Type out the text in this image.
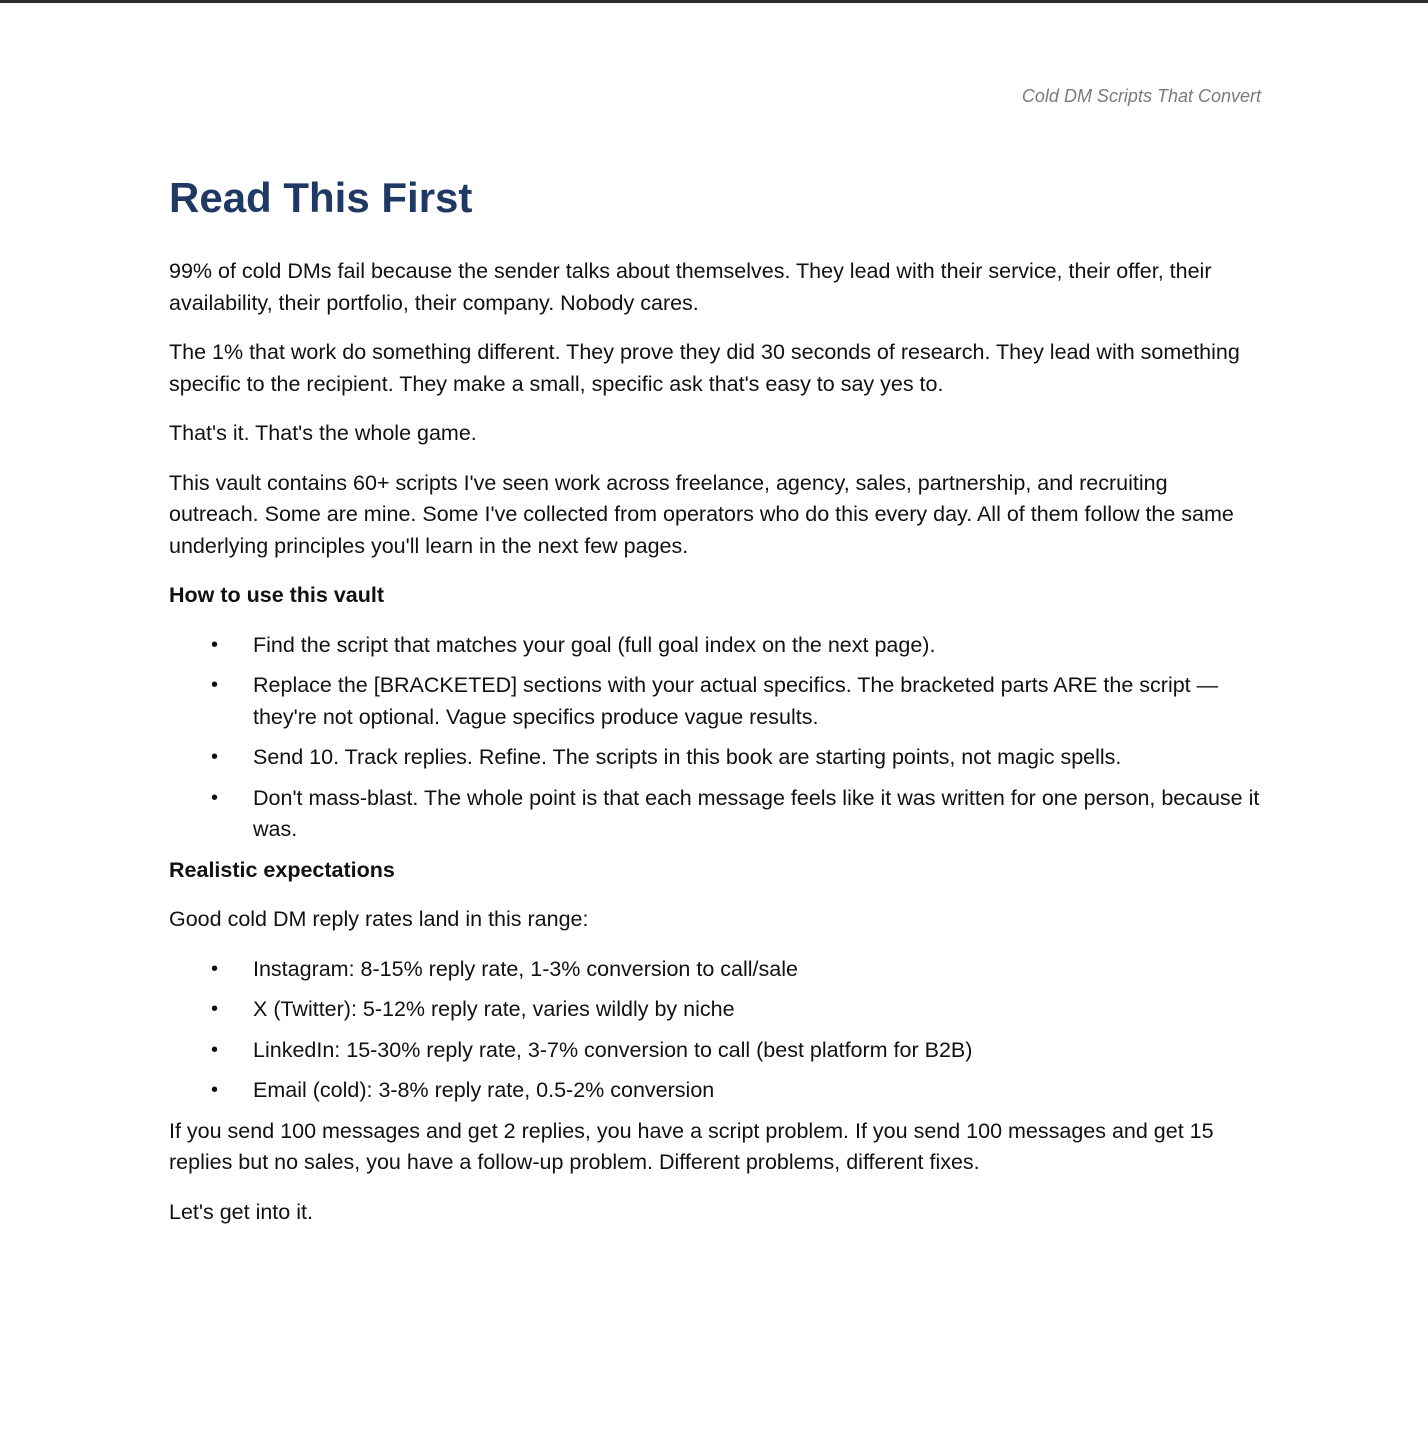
Cold DM Scripts That Convert
Read This First

99% of cold DMs fail because the sender talks about themselves. They lead with their service, their offer, their availability, their portfolio, their company. Nobody cares.

The 1% that work do something different. They prove they did 30 seconds of research. They lead with something specific to the recipient. They make a small, specific ask that's easy to say yes to.

That's it. That's the whole game.

This vault contains 60+ scripts I've seen work across freelance, agency, sales, partnership, and recruiting outreach. Some are mine. Some I've collected from operators who do this every day. All of them follow the same underlying principles you'll learn in the next few pages.

How to use this vault

• Find the script that matches your goal (full goal index on the next page).
• Replace the [BRACKETED] sections with your actual specifics. The bracketed parts ARE the script — they're not optional. Vague specifics produce vague results.
• Send 10. Track replies. Refine. The scripts in this book are starting points, not magic spells.
• Don't mass-blast. The whole point is that each message feels like it was written for one person, because it was.

Realistic expectations

Good cold DM reply rates land in this range:

• Instagram: 8-15% reply rate, 1-3% conversion to call/sale
• X (Twitter): 5-12% reply rate, varies wildly by niche
• LinkedIn: 15-30% reply rate, 3-7% conversion to call (best platform for B2B)
• Email (cold): 3-8% reply rate, 0.5-2% conversion

If you send 100 messages and get 2 replies, you have a script problem. If you send 100 messages and get 15 replies but no sales, you have a follow-up problem. Different problems, different fixes.

Let's get into it.
